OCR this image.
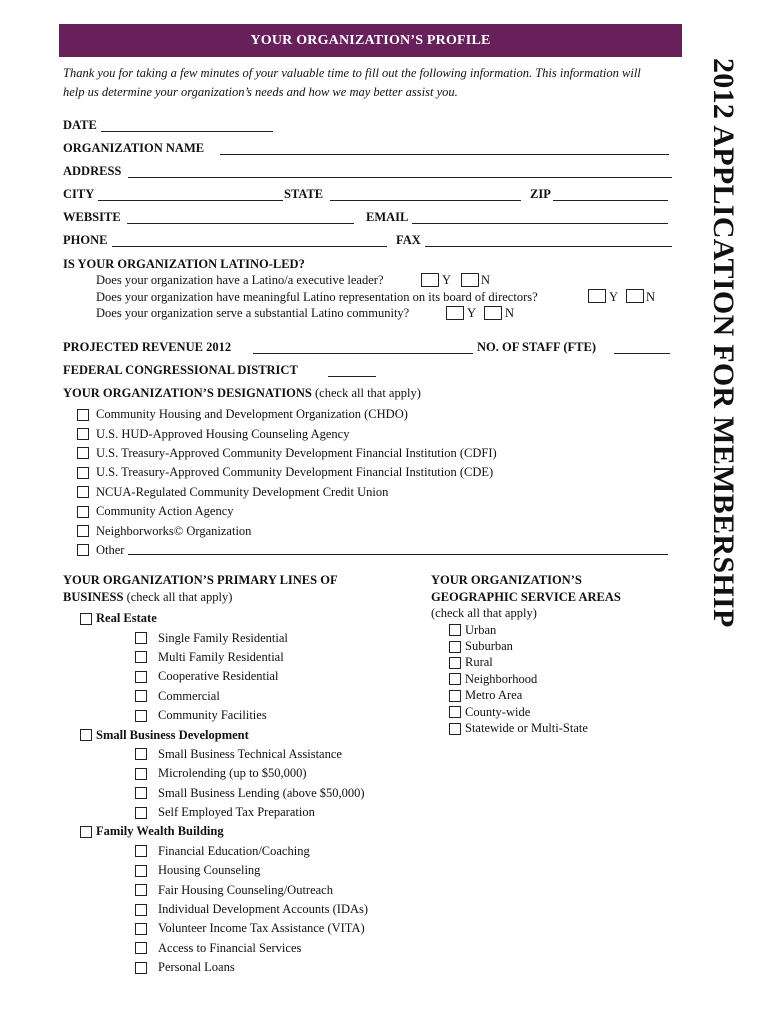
YOUR ORGANIZATION’S PROFILE
2012 APPLICATION FOR MEMBERSHIP
Thank you for taking a few minutes of your valuable time to fill out the following information. This information will help us determine your organization’s needs and how we may better assist you.
DATE
ORGANIZATION NAME
ADDRESS
CITY	STATE	ZIP
WEBSITE	EMAIL
PHONE	FAX
IS YOUR ORGANIZATION LATINO-LED?
Does your organization have a Latino/a executive leader?	Y N
Does your organization have meaningful Latino representation on its board of directors?	Y N
Does your organization serve a substantial Latino community?	Y N
PROJECTED REVENUE 2012	NO. OF STAFF (FTE)
FEDERAL CONGRESSIONAL DISTRICT
YOUR ORGANIZATION’S DESIGNATIONS (check all that apply)
Community Housing and Development Organization (CHDO)
U.S. HUD-Approved Housing Counseling Agency
U.S. Treasury-Approved Community Development Financial Institution (CDFI)
U.S. Treasury-Approved Community Development Financial Institution (CDE)
NCUA-Regulated Community Development Credit Union
Community Action Agency
Neighborworks© Organization
Other
YOUR ORGANIZATION’S PRIMARY LINES OF
BUSINESS (check all that apply)
Real Estate
Single Family Residential
Multi Family Residential
Cooperative Residential
Commercial
Community Facilities
Small Business Development
Small Business Technical Assistance
Microlending (up to $50,000)
Small Business Lending (above $50,000)
Self Employed Tax Preparation
Family Wealth Building
Financial Education/Coaching
Housing Counseling
Fair Housing Counseling/Outreach
Individual Development Accounts (IDAs)
Volunteer Income Tax Assistance (VITA)
Access to Financial Services
Personal Loans
YOUR ORGANIZATION’S
GEOGRAPHIC SERVICE AREAS
(check all that apply)
Urban
Suburban
Rural
Neighborhood
Metro Area
County-wide
Statewide or Multi-State
